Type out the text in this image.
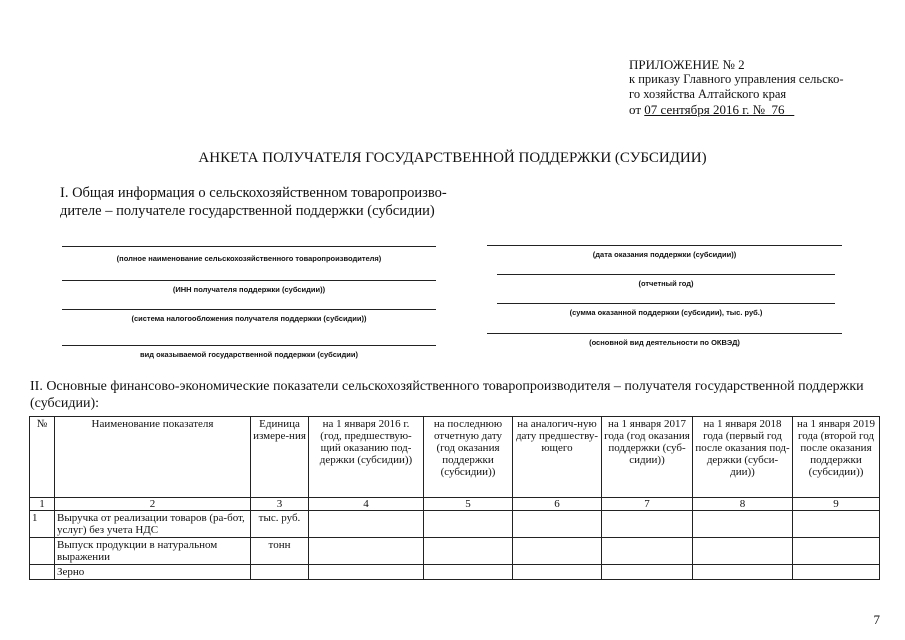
ПРИЛОЖЕНИЕ № 2
к приказу Главного управления сельско-
го хозяйства Алтайского края
от 07 сентября 2016 г. №  76
АНКЕТА ПОЛУЧАТЕЛЯ ГОСУДАРСТВЕННОЙ ПОДДЕРЖКИ (СУБСИДИИ)
I. Общая информация о сельскохозяйственном товаропроизво-
дителе – получателе государственной поддержки (субсидии)
(полное наименование сельскохозяйственного товаропроизводителя)
(ИНН получателя поддержки (субсидии))
(система налогообложения получателя поддержки (субсидии))
вид оказываемой государственной поддержки (субсидии)
(дата оказания поддержки (субсидии))
(отчетный год)
(сумма оказанной поддержки (субсидии), тыс. руб.)
(основной вид деятельности по ОКВЭД)
II. Основные финансово-экономические показатели сельскохозяйственного товаропроизводителя – получателя государственной поддержки (субсидии):
№	Наименование показателя	Единица измере-ния	на 1 января 2016 г. (год, предшествую-щий оказанию под-держки (субсидии))	на последнюю отчетную дату (год оказания поддержки (субсидии))	на аналогич-ную дату предшеству-ющего	на 1 января 2017 года (год оказания поддержки (суб-сидии))	на 1 января 2018 года (первый год после оказания под-держки (субси-дии))	на 1 января 2019 года (второй год после оказания поддержки (субсидии))
1	2	3	4	5	6	7	8	9
1	Выручка от реализации товаров (ра-бот, услуг) без учета НДС	тыс. руб.						
	Выпуск продукции в натуральном выражении	тонн						
	Зерно							
7
